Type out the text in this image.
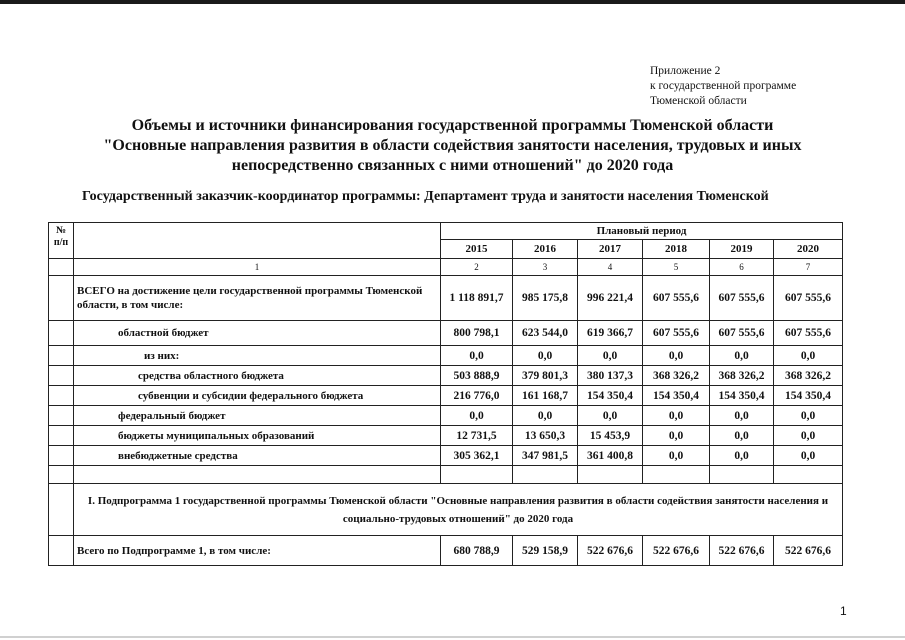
Приложение 2
к государственной программе
Тюменской области
Объемы и источники финансирования государственной программы Тюменской области
"Основные направления развития в области содействия занятости населения, трудовых и иных
непосредственно связанных с ними отношений" до 2020 года
Государственный заказчик-координатор программы: Департамент труда и занятости населения Тюменской
№ п/п		Плановый период					
		2015	2016	2017	2018	2019	2020
	1	2	3	4	5	6	7
	ВСЕГО на достижение цели государственной программы Тюменской области, в том числе:	1 118 891,7	985 175,8	996 221,4	607 555,6	607 555,6	607 555,6
	областной бюджет	800 798,1	623 544,0	619 366,7	607 555,6	607 555,6	607 555,6
	из них:	0,0	0,0	0,0	0,0	0,0	0,0
	средства областного бюджета	503 888,9	379 801,3	380 137,3	368 326,2	368 326,2	368 326,2
	субвенции и субсидии федерального бюджета	216 776,0	161 168,7	154 350,4	154 350,4	154 350,4	154 350,4
	федеральный бюджет	0,0	0,0	0,0	0,0	0,0	0,0
	бюджеты муниципальных образований	12 731,5	13 650,3	15 453,9	0,0	0,0	0,0
	внебюджетные средства	305 362,1	347 981,5	361 400,8	0,0	0,0	0,0

	I. Подпрограмма 1 государственной программы Тюменской области "Основные направления развития в области содействия занятости населения и социально-трудовых отношений" до 2020 года						
	Всего по Подпрограмме 1, в том числе:	680 788,9	529 158,9	522 676,6	522 676,6	522 676,6	522 676,6
1
